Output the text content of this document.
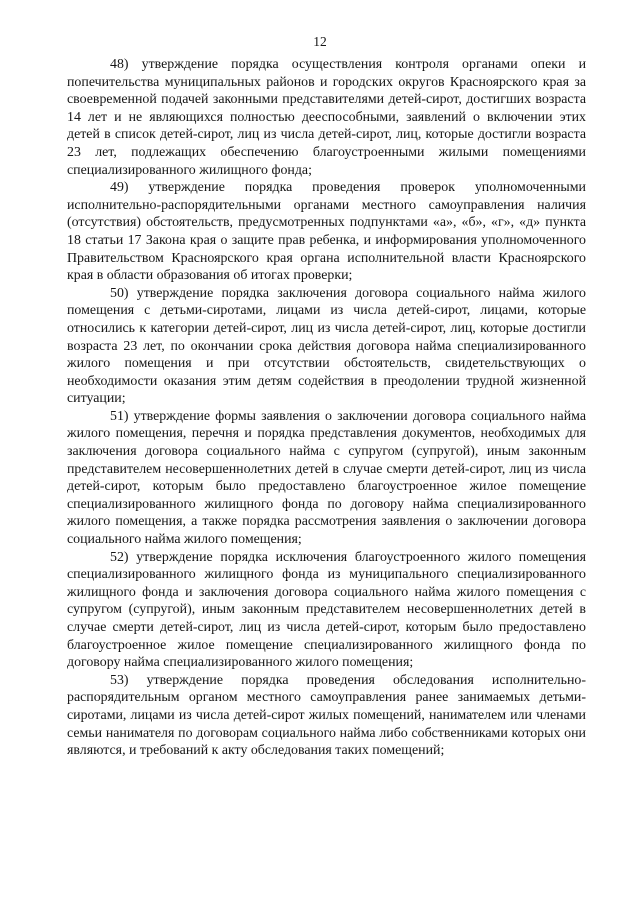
12

48) утверждение порядка осуществления контроля органами опеки и попечительства муниципальных районов и городских округов Красноярского края за своевременной подачей законными представителями детей-сирот, достигших возраста 14 лет и не являющихся полностью дееспособными, заявлений о включении этих детей в список детей-сирот, лиц из числа детей-сирот, лиц, которые достигли возраста 23 лет, подлежащих обеспечению благоустроенными жилыми помещениями специализированного жилищного фонда;

49) утверждение порядка проведения проверок уполномоченными исполнительно-распорядительными органами местного самоуправления наличия (отсутствия) обстоятельств, предусмотренных подпунктами «а», «б», «г», «д» пункта 18 статьи 17 Закона края о защите прав ребенка, и информирования уполномоченного Правительством Красноярского края органа исполнительной власти Красноярского края в области образования об итогах проверки;

50) утверждение порядка заключения договора социального найма жилого помещения с детьми-сиротами, лицами из числа детей-сирот, лицами, которые относились к категории детей-сирот, лиц из числа детей-сирот, лиц, которые достигли возраста 23 лет, по окончании срока действия договора найма специализированного жилого помещения и при отсутствии обстоятельств, свидетельствующих о необходимости оказания этим детям содействия в преодолении трудной жизненной ситуации;

51) утверждение формы заявления о заключении договора социального найма жилого помещения, перечня и порядка представления документов, необходимых для заключения договора социального найма с супругом (супругой), иным законным представителем несовершеннолетних детей в случае смерти детей-сирот, лиц из числа детей-сирот, которым было предоставлено благоустроенное жилое помещение специализированного жилищного фонда по договору найма специализированного жилого помещения, а также порядка рассмотрения заявления о заключении договора социального найма жилого помещения;

52) утверждение порядка исключения благоустроенного жилого помещения специализированного жилищного фонда из муниципального специализированного жилищного фонда и заключения договора социального найма жилого помещения с супругом (супругой), иным законным представителем несовершеннолетних детей в случае смерти детей-сирот, лиц из числа детей-сирот, которым было предоставлено благоустроенное жилое помещение специализированного жилищного фонда по договору найма специализированного жилого помещения;

53) утверждение порядка проведения обследования исполнительно-распорядительным органом местного самоуправления ранее занимаемых детьми-сиротами, лицами из числа детей-сирот жилых помещений, нанимателем или членами семьи нанимателя по договорам социального найма либо собственниками которых они являются, и требований к акту обследования таких помещений;
